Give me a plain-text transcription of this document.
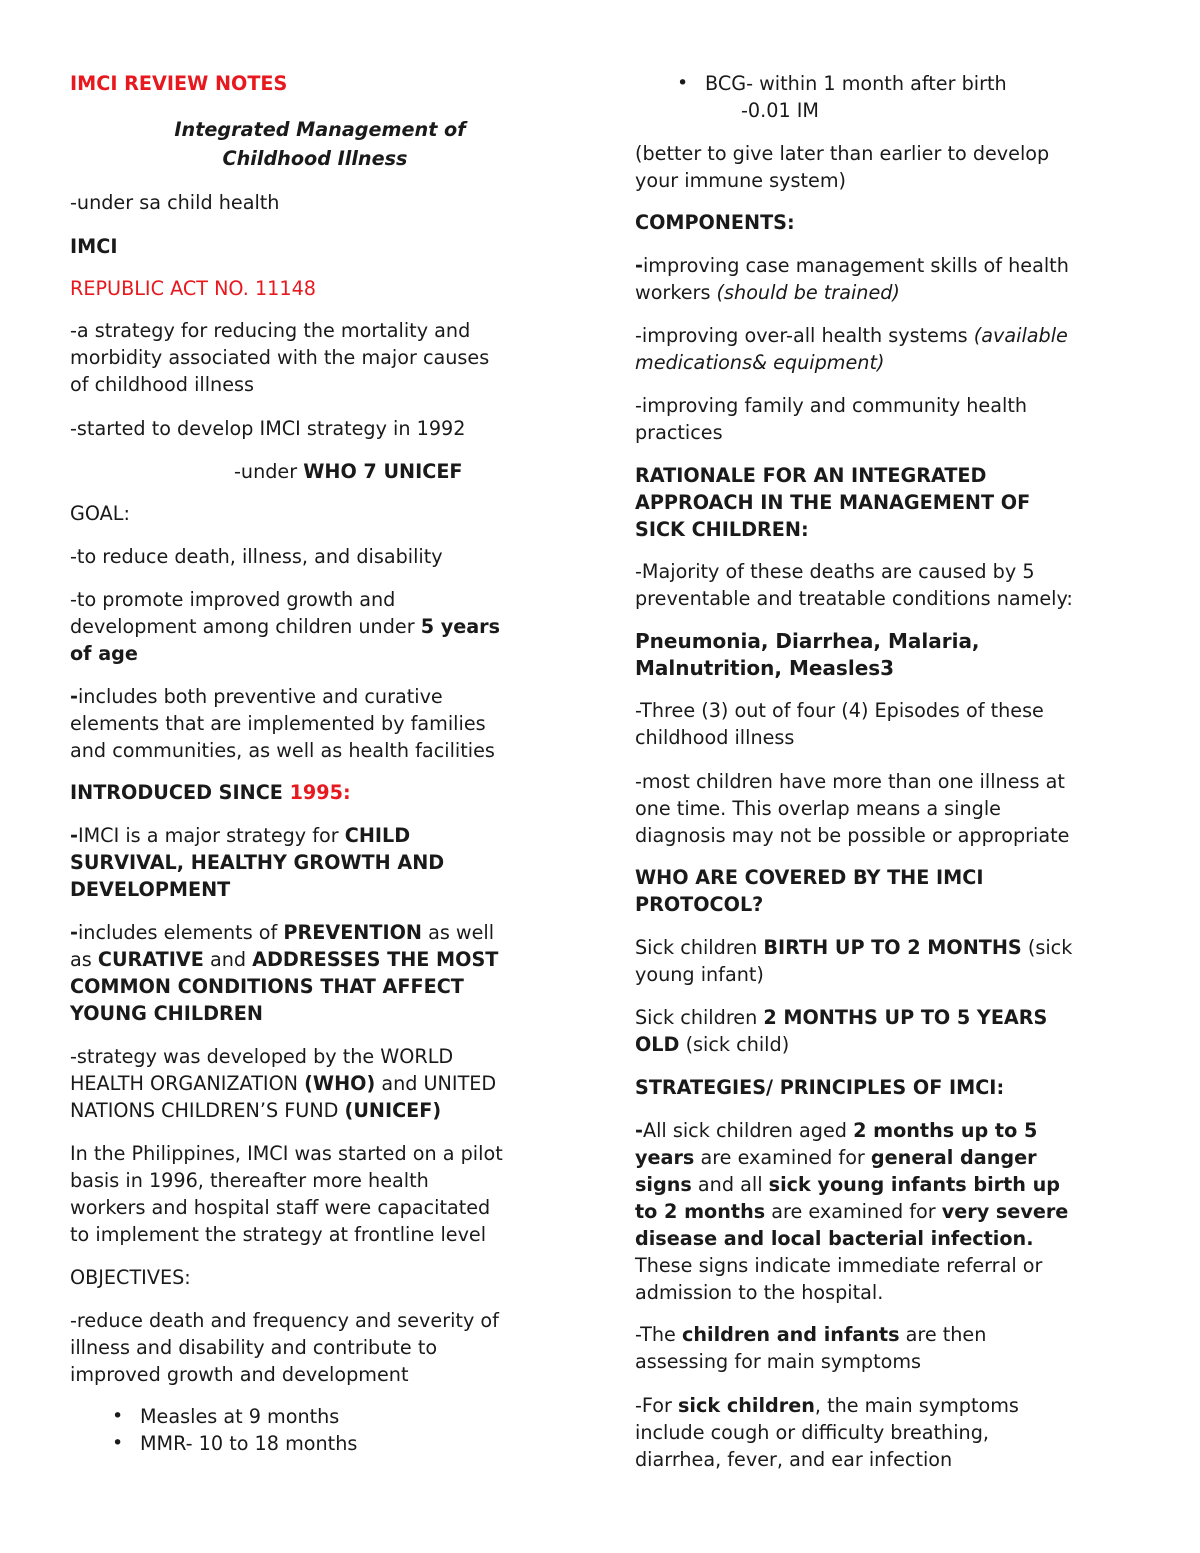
IMCI REVIEW NOTES

Integrated Management of

Childhood Illness

-under sa child health

IMCI

REPUBLIC ACT NO. 11148

-a strategy for reducing the mortality and

morbidity associated with the major causes

of childhood illness

-started to develop IMCI strategy in 1992

-under WHO 7 UNICEF

GOAL:

-to reduce death, illness, and disability

-to promote improved growth and

development among children under 5 years

of age

-includes both preventive and curative

elements that are implemented by families

and communities, as well as health facilities

INTRODUCED SINCE 1995:

-IMCI is a major strategy for CHILD

SURVIVAL, HEALTHY GROWTH AND

DEVELOPMENT

-includes elements of PREVENTION as well

as CURATIVE and ADDRESSES THE MOST

COMMON CONDITIONS THAT AFFECT

YOUNG CHILDREN

-strategy was developed by the WORLD

HEALTH ORGANIZATION (WHO) and UNITED

NATIONS CHILDREN’S FUND (UNICEF)

In the Philippines, IMCI was started on a pilot

basis in 1996, thereafter more health

workers and hospital staff were capacitated

to implement the strategy at frontline level

OBJECTIVES:

-reduce death and frequency and severity of

illness and disability and contribute to

improved growth and development

• Measles at 9 months

• MMR- 10 to 18 months

• BCG- within 1 month after birth

-0.01 IM

(better to give later than earlier to develop

your immune system)

COMPONENTS:

-improving case management skills of health

workers (should be trained)

-improving over-all health systems (available

medications& equipment)

-improving family and community health

practices

RATIONALE FOR AN INTEGRATED

APPROACH IN THE MANAGEMENT OF

SICK CHILDREN:

-Majority of these deaths are caused by 5

preventable and treatable conditions namely:

Pneumonia, Diarrhea, Malaria,

Malnutrition, Measles3

-Three (3) out of four (4) Episodes of these

childhood illness

-most children have more than one illness at

one time. This overlap means a single

diagnosis may not be possible or appropriate

WHO ARE COVERED BY THE IMCI

PROTOCOL?

Sick children BIRTH UP TO 2 MONTHS (sick

young infant)

Sick children 2 MONTHS UP TO 5 YEARS

OLD (sick child)

STRATEGIES/ PRINCIPLES OF IMCI:

-All sick children aged 2 months up to 5

years are examined for general danger

signs and all sick young infants birth up

to 2 months are examined for very severe

disease and local bacterial infection.

These signs indicate immediate referral or

admission to the hospital.

-The children and infants are then

assessing for main symptoms

-For sick children, the main symptoms

include cough or difficulty breathing,

diarrhea, fever, and ear infection
